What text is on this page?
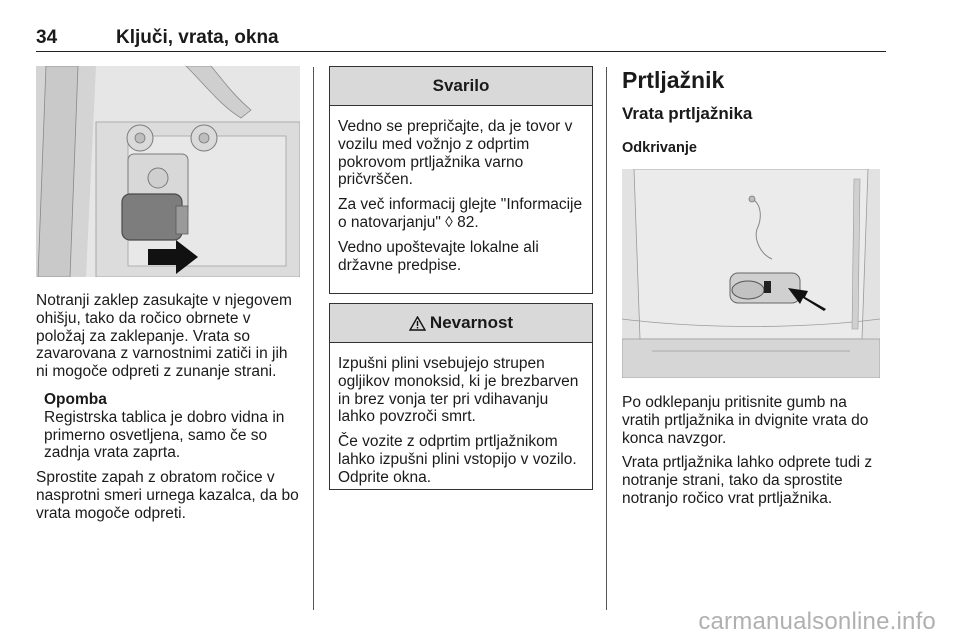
34	Ključi, vrata, okna

Notranji zaklep zasukajte v njegovem ohišju, tako da ročico obrnete v položaj za zaklepanje. Vrata so zavarovana z varnostnimi zatiči in jih ni mogoče odpreti z zunanje strani.

Opomba
Registrska tablica je dobro vidna in primerno osvetljena, samo če so zadnja vrata zaprta.

Sprostite zapah z obratom ročice v nasprotni smeri urnega kazalca, da bo vrata mogoče odpreti.

Svarilo

Vedno se prepričajte, da je tovor v vozilu med vožnjo z odprtim pokrovom prtljažnika varno pričvrščen.

Za več informacij glejte "Informacije o natovarjanju" ◊ 82.

Vedno upoštevajte lokalne ali državne predpise.

Nevarnost

Izpušni plini vsebujejo strupen ogljikov monoksid, ki je brezbarven in brez vonja ter pri vdihavanju lahko povzroči smrt.

Če vozite z odprtim prtljažnikom lahko izpušni plini vstopijo v vozilo. Odprite okna.

Prtljažnik
Vrata prtljažnika
Odkrivanje

Po odklepanju pritisnite gumb na vratih prtljažnika in dvignite vrata do konca navzgor.

Vrata prtljažnika lahko odprete tudi z notranje strani, tako da sprostite notranjo ročico vrat prtljažnika.

carmanualsonline.info
